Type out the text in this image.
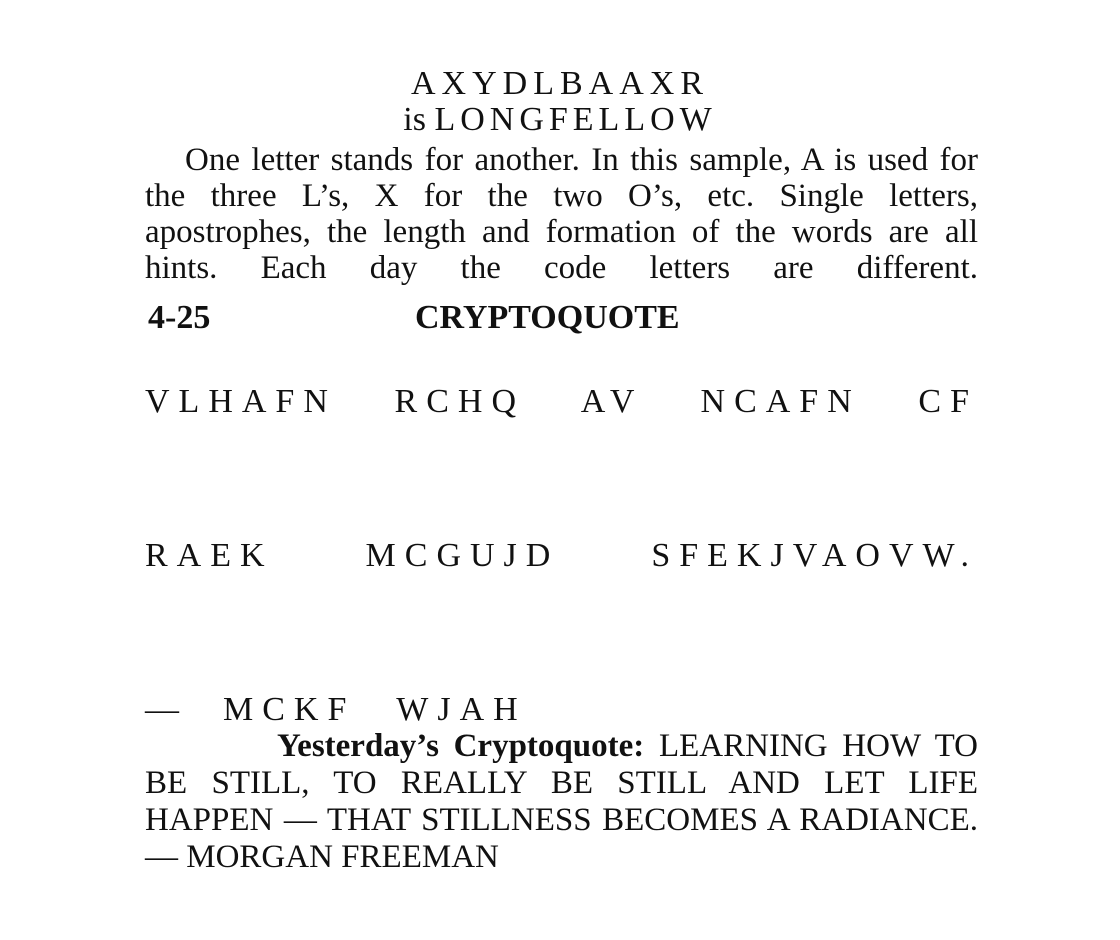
AXYDLBAAXR
is LONGFELLOW

One letter stands for another. In this sample, A is used for the three L’s, X for the two O’s, etc. Single letters, apostrophes, the length and formation of the words are all hints. Each day the code letters are different.

4-25	CRYPTOQUOTE
VLHAFN RCHQ AV NCAFN CF
RAEK MCGUJD SFEKJVAOVW.
— MCKF WJAH

Yesterday’s Cryptoquote: LEARNING HOW TO BE STILL, TO REALLY BE STILL AND LET LIFE HAPPEN — THAT STILLNESS BECOMES A RADIANCE. — MORGAN FREEMAN
